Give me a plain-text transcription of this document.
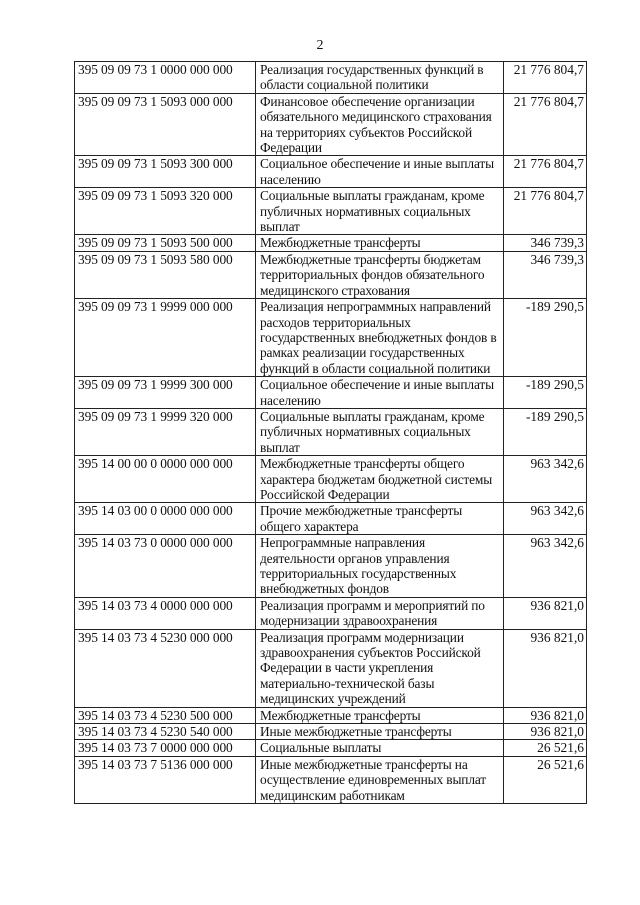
2
395 09 09 73 1 0000 000 000	Реализация государственных функций в области социальной политики	21 776 804,7
395 09 09 73 1 5093 000 000	Финансовое обеспечение организации обязательного медицинского страхования на территориях субъектов Российской Федерации	21 776 804,7
395 09 09 73 1 5093 300 000	Социальное обеспечение и иные выплаты населению	21 776 804,7
395 09 09 73 1 5093 320 000	Социальные выплаты гражданам, кроме публичных нормативных социальных выплат	21 776 804,7
395 09 09 73 1 5093 500 000	Межбюджетные трансферты	346 739,3
395 09 09 73 1 5093 580 000	Межбюджетные трансферты бюджетам территориальных фондов обязательного медицинского страхования	346 739,3
395 09 09 73 1 9999 000 000	Реализация непрограммных направлений расходов территориальных государственных внебюджетных фондов в рамках реализации государственных функций в области социальной политики	-189 290,5
395 09 09 73 1 9999 300 000	Социальное обеспечение и иные выплаты населению	-189 290,5
395 09 09 73 1 9999 320 000	Социальные выплаты гражданам, кроме публичных нормативных социальных выплат	-189 290,5
395 14 00 00 0 0000 000 000	Межбюджетные трансферты общего характера бюджетам бюджетной системы Российской Федерации	963 342,6
395 14 03 00 0 0000 000 000	Прочие межбюджетные трансферты общего характера	963 342,6
395 14 03 73 0 0000 000 000	Непрограммные направления деятельности органов управления территориальных государственных внебюджетных фондов	963 342,6
395 14 03 73 4 0000 000 000	Реализация программ и мероприятий по модернизации здравоохранения	936 821,0
395 14 03 73 4 5230 000 000	Реализация программ модернизации здравоохранения субъектов Российской Федерации в части укрепления материально-технической базы медицинских учреждений	936 821,0
395 14 03 73 4 5230 500 000	Межбюджетные трансферты	936 821,0
395 14 03 73 4 5230 540 000	Иные межбюджетные трансферты	936 821,0
395 14 03 73 7 0000 000 000	Социальные выплаты	26 521,6
395 14 03 73 7 5136 000 000	Иные межбюджетные трансферты на осуществление единовременных выплат медицинским работникам	26 521,6
